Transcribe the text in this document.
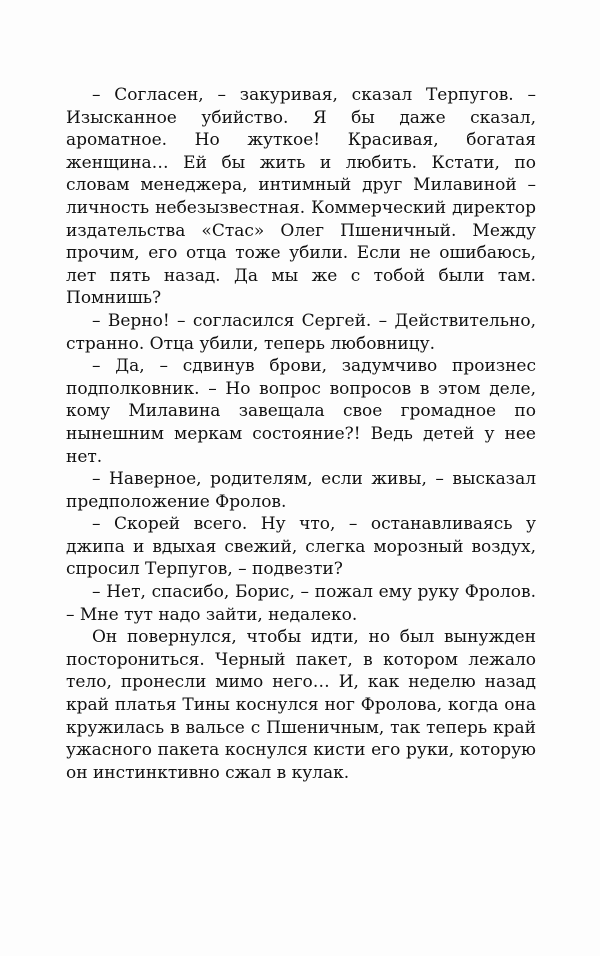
– Согласен, – закуривая, сказал Терпугов. – Изысканное убийство. Я бы даже сказал, ароматное. Но жуткое! Красивая, богатая женщина… Ей бы жить и любить. Кстати, по словам менеджера, интимный друг Милавиной – личность небезызвестная. Коммерческий директор издательства «Стас» Олег Пшеничный. Между прочим, его отца тоже убили. Если не ошибаюсь, лет пять назад. Да мы же с тобой были там. Помнишь?

– Верно! – согласился Сергей. – Действительно, странно. Отца убили, теперь любовницу.

– Да, – сдвинув брови, задумчиво произнес подполковник. – Но вопрос вопросов в этом деле, кому Милавина завещала свое громадное по нынешним меркам состояние?! Ведь детей у нее нет.

– Наверное, родителям, если живы, – высказал предположение Фролов.

– Скорей всего. Ну что, – останавливаясь у джипа и вдыхая свежий, слегка морозный воздух, спросил Терпугов, – подвезти?

– Нет, спасибо, Борис, – пожал ему руку Фролов. – Мне тут надо зайти, недалеко.

Он повернулся, чтобы идти, но был вынужден посторониться. Черный пакет, в котором лежало тело, пронесли мимо него… И, как неделю назад край платья Тины коснулся ног Фролова, когда она кружилась в вальсе с Пшеничным, так теперь край ужасного пакета коснулся кисти его руки, которую он инстинктивно сжал в кулак.
